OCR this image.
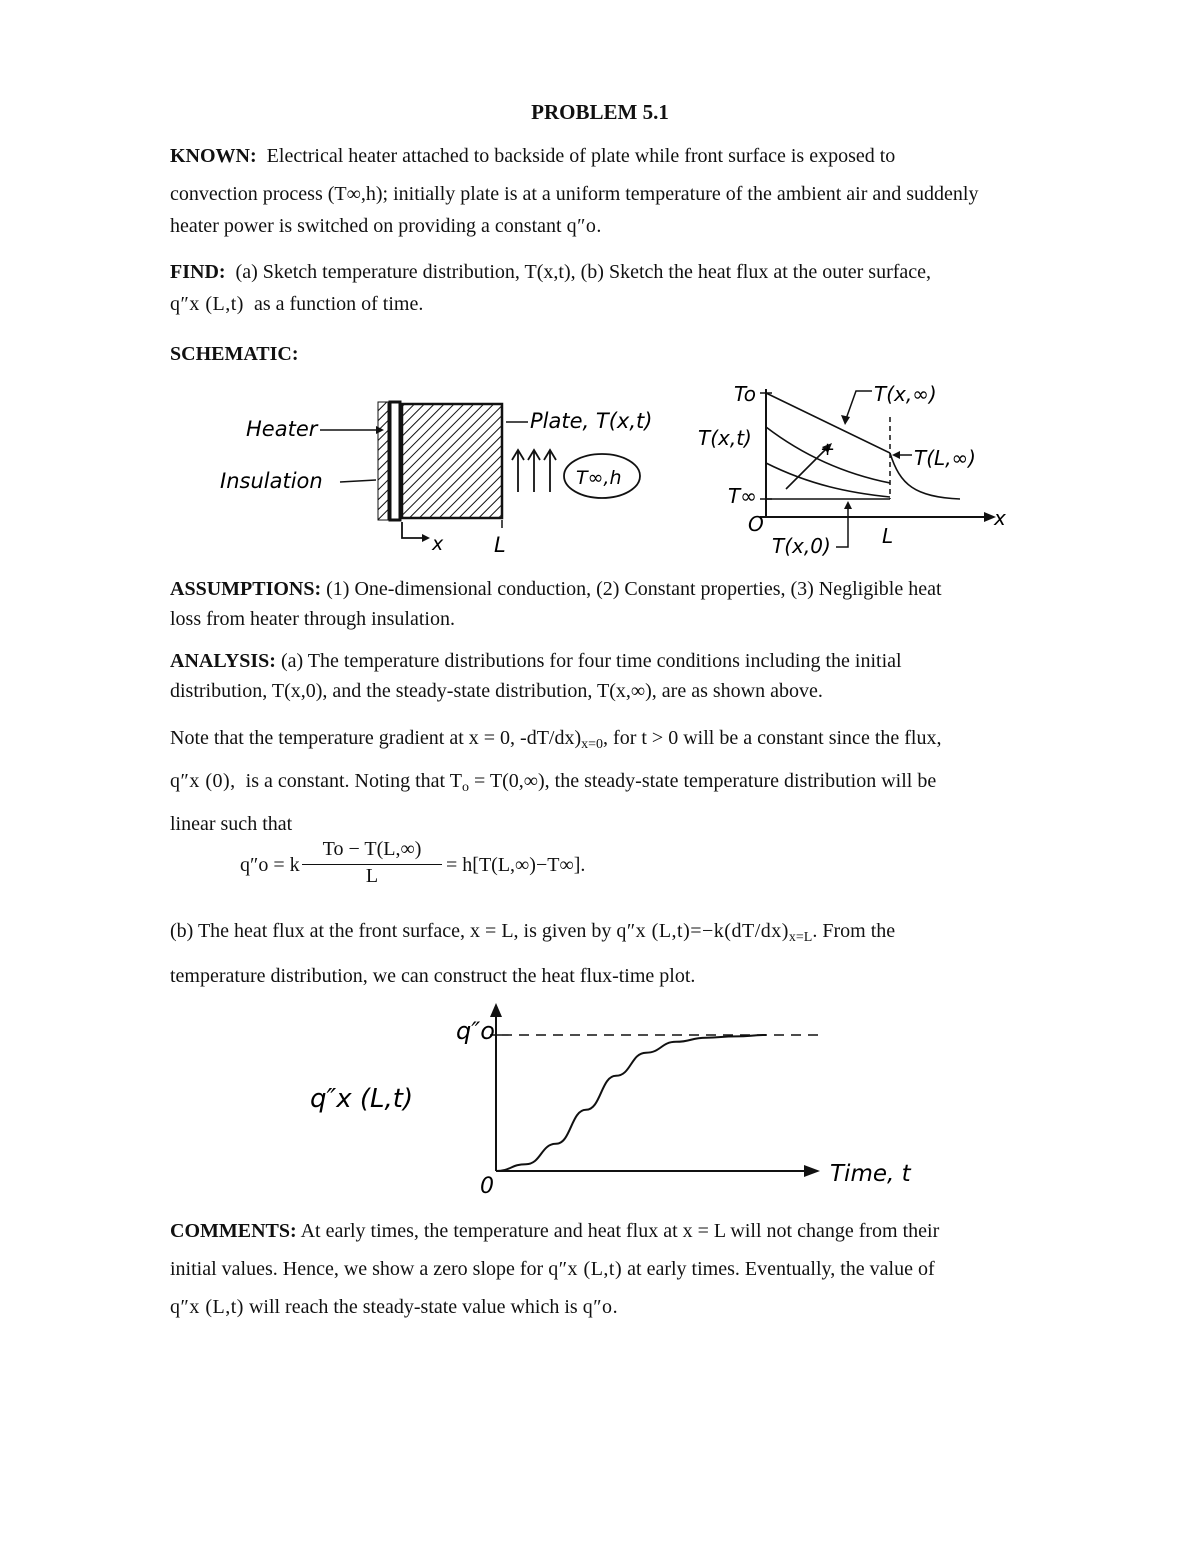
PROBLEM 5.1
KNOWN: Electrical heater attached to backside of plate while front surface is exposed to
convection process (T∞,h); initially plate is at a uniform temperature of the ambient air and suddenly
heater power is switched on providing a constant q″o.
FIND: (a) Sketch temperature distribution, T(x,t), (b) Sketch the heat flux at the outer surface,
q″x (L,t) as a function of time.
SCHEMATIC:
Heater
Insulation
Plate, T(x,t)
T∞,h
x L
To
T(x,t)
T∞
O	x
L
+
T(x,∞)
T(L,∞)
T(x,0)
ASSUMPTIONS: (1) One-dimensional conduction, (2) Constant properties, (3) Negligible heat
loss from heater through insulation.
ANALYSIS: (a) The temperature distributions for four time conditions including the initial
distribution, T(x,0), and the steady-state distribution, T(x,∞), are as shown above.
Note that the temperature gradient at x = 0, $-dT/dx)_{x=0}$, for t > 0 will be a constant since the flux,
q″x (0), is a constant. Noting that $T_o = T(0,\infty)$, the steady-state temperature distribution will be
linear such that
q″o = k $\frac{To - T(L,\infty)}{L} = h[T(L,\infty)-T\infty]$.
(b) The heat flux at the front surface, x = L, is given by q″x $(L,t)=-k(dT/dx)_{x=L}$. From the
temperature distribution, we can construct the heat flux-time plot.
q″x (L,t)
q″o
0	Time, t
COMMENTS: At early times, the temperature and heat flux at x = L will not change from their
initial values. Hence, we show a zero slope for q″x (L,t) at early times. Eventually, the value of
q″x (L,t) will reach the steady-state value which is q″o.
